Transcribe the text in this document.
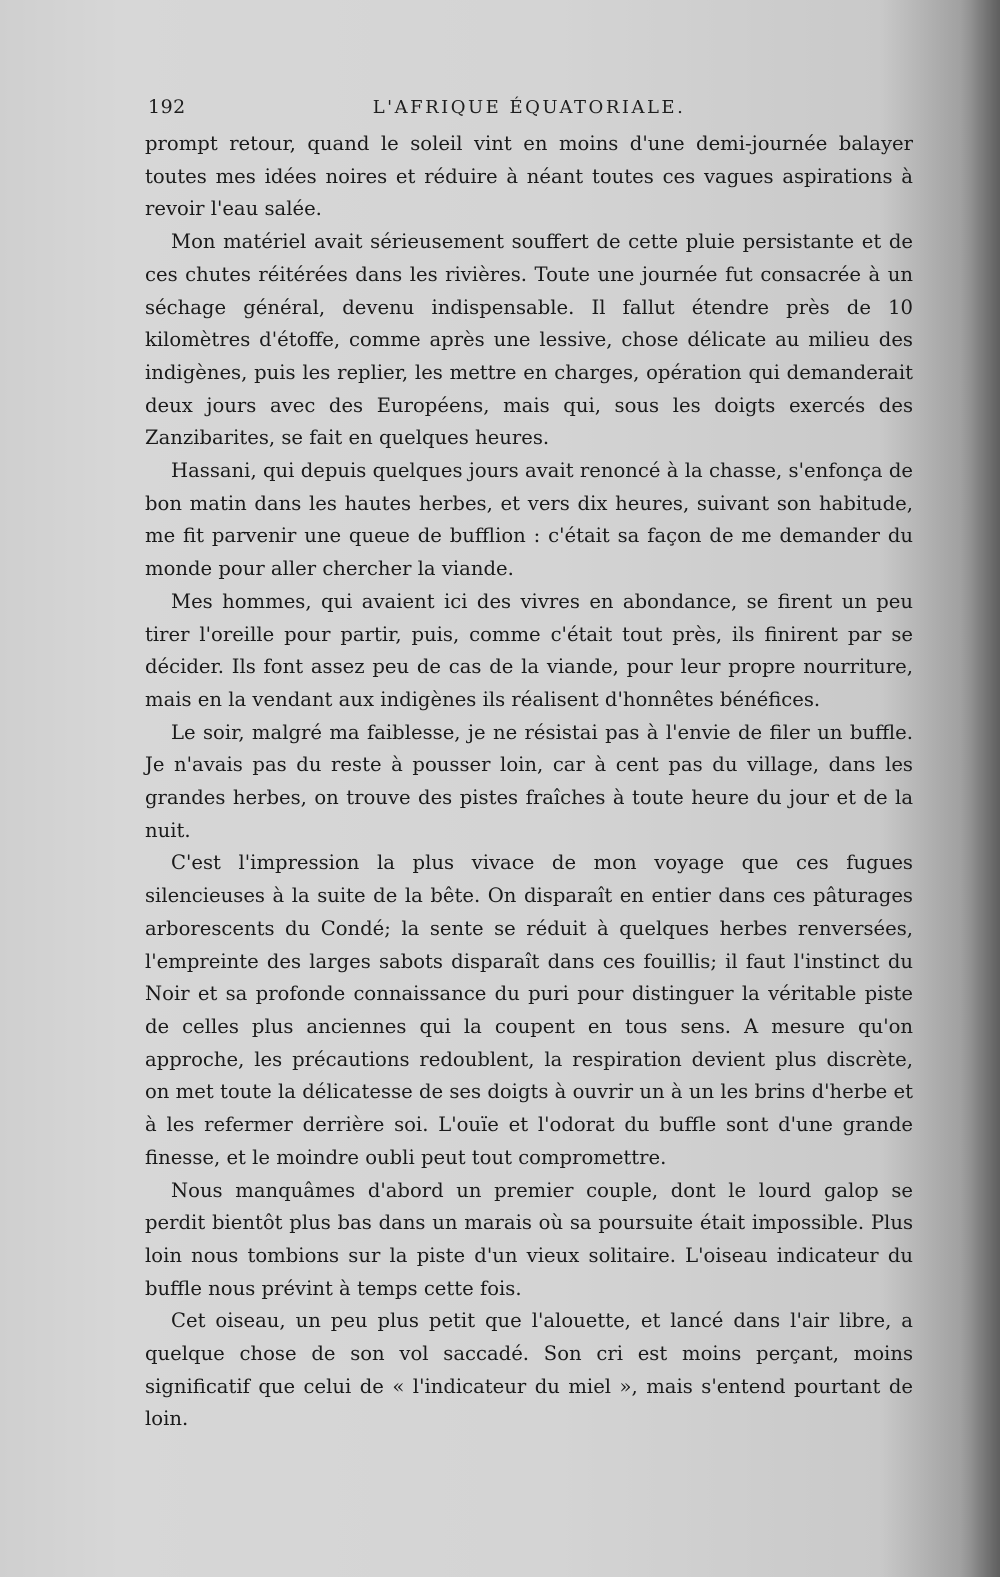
192	L'AFRIQUE ÉQUATORIALE.

prompt retour, quand le soleil vint en moins d'une demi-journée balayer toutes mes idées noires et réduire à néant toutes ces vagues aspirations à revoir l'eau salée.

Mon matériel avait sérieusement souffert de cette pluie persistante et de ces chutes réitérées dans les rivières. Toute une journée fut consacrée à un séchage général, devenu indispensable. Il fallut étendre près de 10 kilomètres d'étoffe, comme après une lessive, chose délicate au milieu des indigènes, puis les replier, les mettre en charges, opération qui demanderait deux jours avec des Européens, mais qui, sous les doigts exercés des Zanzibarites, se fait en quelques heures.

Hassani, qui depuis quelques jours avait renoncé à la chasse, s'enfonça de bon matin dans les hautes herbes, et vers dix heures, suivant son habitude, me fit parvenir une queue de bufflion : c'était sa façon de me demander du monde pour aller chercher la viande.

Mes hommes, qui avaient ici des vivres en abondance, se firent un peu tirer l'oreille pour partir, puis, comme c'était tout près, ils finirent par se décider. Ils font assez peu de cas de la viande, pour leur propre nourriture, mais en la vendant aux indigènes ils réalisent d'honnêtes bénéfices.

Le soir, malgré ma faiblesse, je ne résistai pas à l'envie de filer un buffle. Je n'avais pas du reste à pousser loin, car à cent pas du village, dans les grandes herbes, on trouve des pistes fraîches à toute heure du jour et de la nuit.

C'est l'impression la plus vivace de mon voyage que ces fugues silencieuses à la suite de la bête. On disparaît en entier dans ces pâturages arborescents du Condé; la sente se réduit à quelques herbes renversées, l'empreinte des larges sabots disparaît dans ces fouillis; il faut l'instinct du Noir et sa profonde connaissance du puri pour distinguer la véritable piste de celles plus anciennes qui la coupent en tous sens. A mesure qu'on approche, les précautions redoublent, la respiration devient plus discrète, on met toute la délicatesse de ses doigts à ouvrir un à un les brins d'herbe et à les refermer derrière soi. L'ouïe et l'odorat du buffle sont d'une grande finesse, et le moindre oubli peut tout compromettre.

Nous manquâmes d'abord un premier couple, dont le lourd galop se perdit bientôt plus bas dans un marais où sa poursuite était impossible. Plus loin nous tombions sur la piste d'un vieux solitaire. L'oiseau indicateur du buffle nous prévint à temps cette fois.

Cet oiseau, un peu plus petit que l'alouette, et lancé dans l'air libre, a quelque chose de son vol saccadé. Son cri est moins perçant, moins significatif que celui de « l'indicateur du miel », mais s'entend pourtant de loin.
